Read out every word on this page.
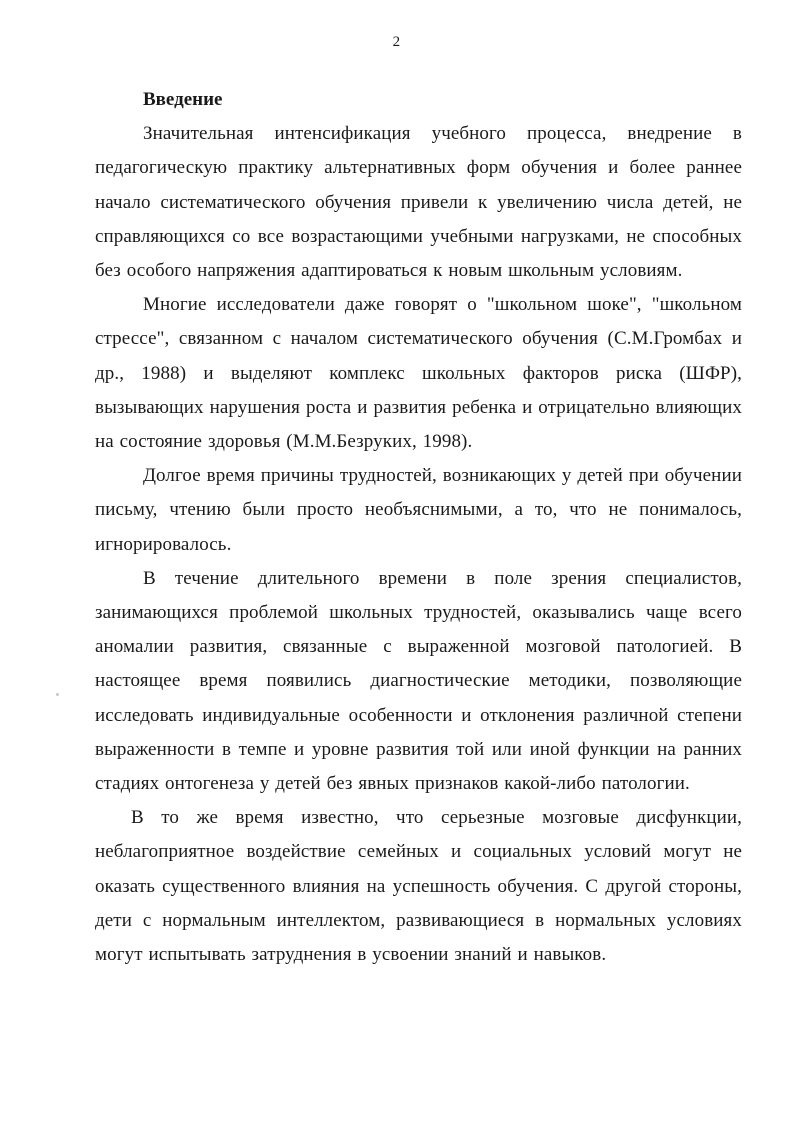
2

Введение

Значительная интенсификация учебного процесса, внедрение в педагогическую практику альтернативных форм обучения и более раннее начало систематического обучения привели к увеличению числа детей, не справляющихся со все возрастающими учебными нагрузками, не способных без особого напряжения адаптироваться к новым школьным условиям.

Многие исследователи даже говорят о "школьном шоке", "школьном стрессе", связанном с началом систематического обучения (С.М.Громбах и др., 1988) и выделяют комплекс школьных факторов риска (ШФР), вызывающих нарушения роста и развития ребенка и отрицательно влияющих на состояние здоровья (М.М.Безруких, 1998).

Долгое время причины трудностей, возникающих у детей при обучении письму, чтению были просто необъяснимыми, а то, что не понималось, игнорировалось.

В течение длительного времени в поле зрения специалистов, занимающихся проблемой школьных трудностей, оказывались чаще всего аномалии развития, связанные с выраженной мозговой патологией. В настоящее время появились диагностические методики, позволяющие исследовать индивидуальные особенности и отклонения различной степени выраженности в темпе и уровне развития той или иной функции на ранних стадиях онтогенеза у детей без явных признаков какой-либо патологии.

В то же время известно, что серьезные мозговые дисфункции, неблагоприятное воздействие семейных и социальных условий могут не оказать существенного влияния на успешность обучения. С другой стороны, дети с нормальным интеллектом, развивающиеся в нормальных условиях могут испытывать затруднения в усвоении знаний и навыков.
